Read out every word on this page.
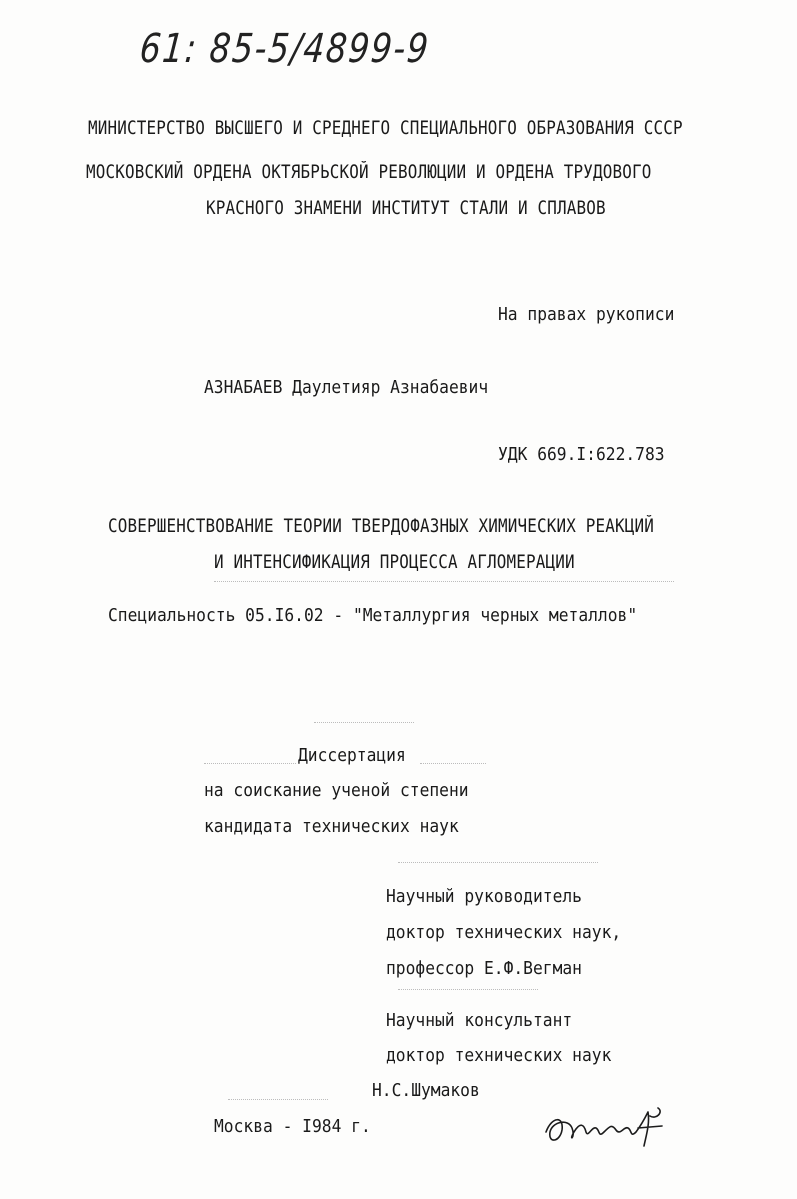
61: 85-5/4899-9
МИНИСТЕРСТВО ВЫСШЕГО И СРЕДНЕГО СПЕЦИАЛЬНОГО ОБРАЗОВАНИЯ СССР
МОСКОВСКИЙ ОРДЕНА ОКТЯБРЬСКОЙ РЕВОЛЮЦИИ И ОРДЕНА ТРУДОВОГО
КРАСНОГО ЗНАМЕНИ ИНСТИТУТ СТАЛИ И СПЛАВОВ
На правах рукописи
АЗНАБАЕВ Даулетияр Азнабаевич
УДК 669.I:622.783
СОВЕРШЕНСТВОВАНИЕ ТЕОРИИ ТВЕРДОФАЗНЫХ ХИМИЧЕСКИХ РЕАКЦИЙ
И ИНТЕНСИФИКАЦИЯ ПРОЦЕССА АГЛОМЕРАЦИИ
Специальность 05.I6.02 - "Металлургия черных металлов"
Диссертация
на соискание ученой степени
кандидата технических наук
Научный руководитель
доктор технических наук,
профессор Е.Ф.Вегман
Научный консультант
доктор технических наук
Н.С.Шумаков
Москва - I984 г.
